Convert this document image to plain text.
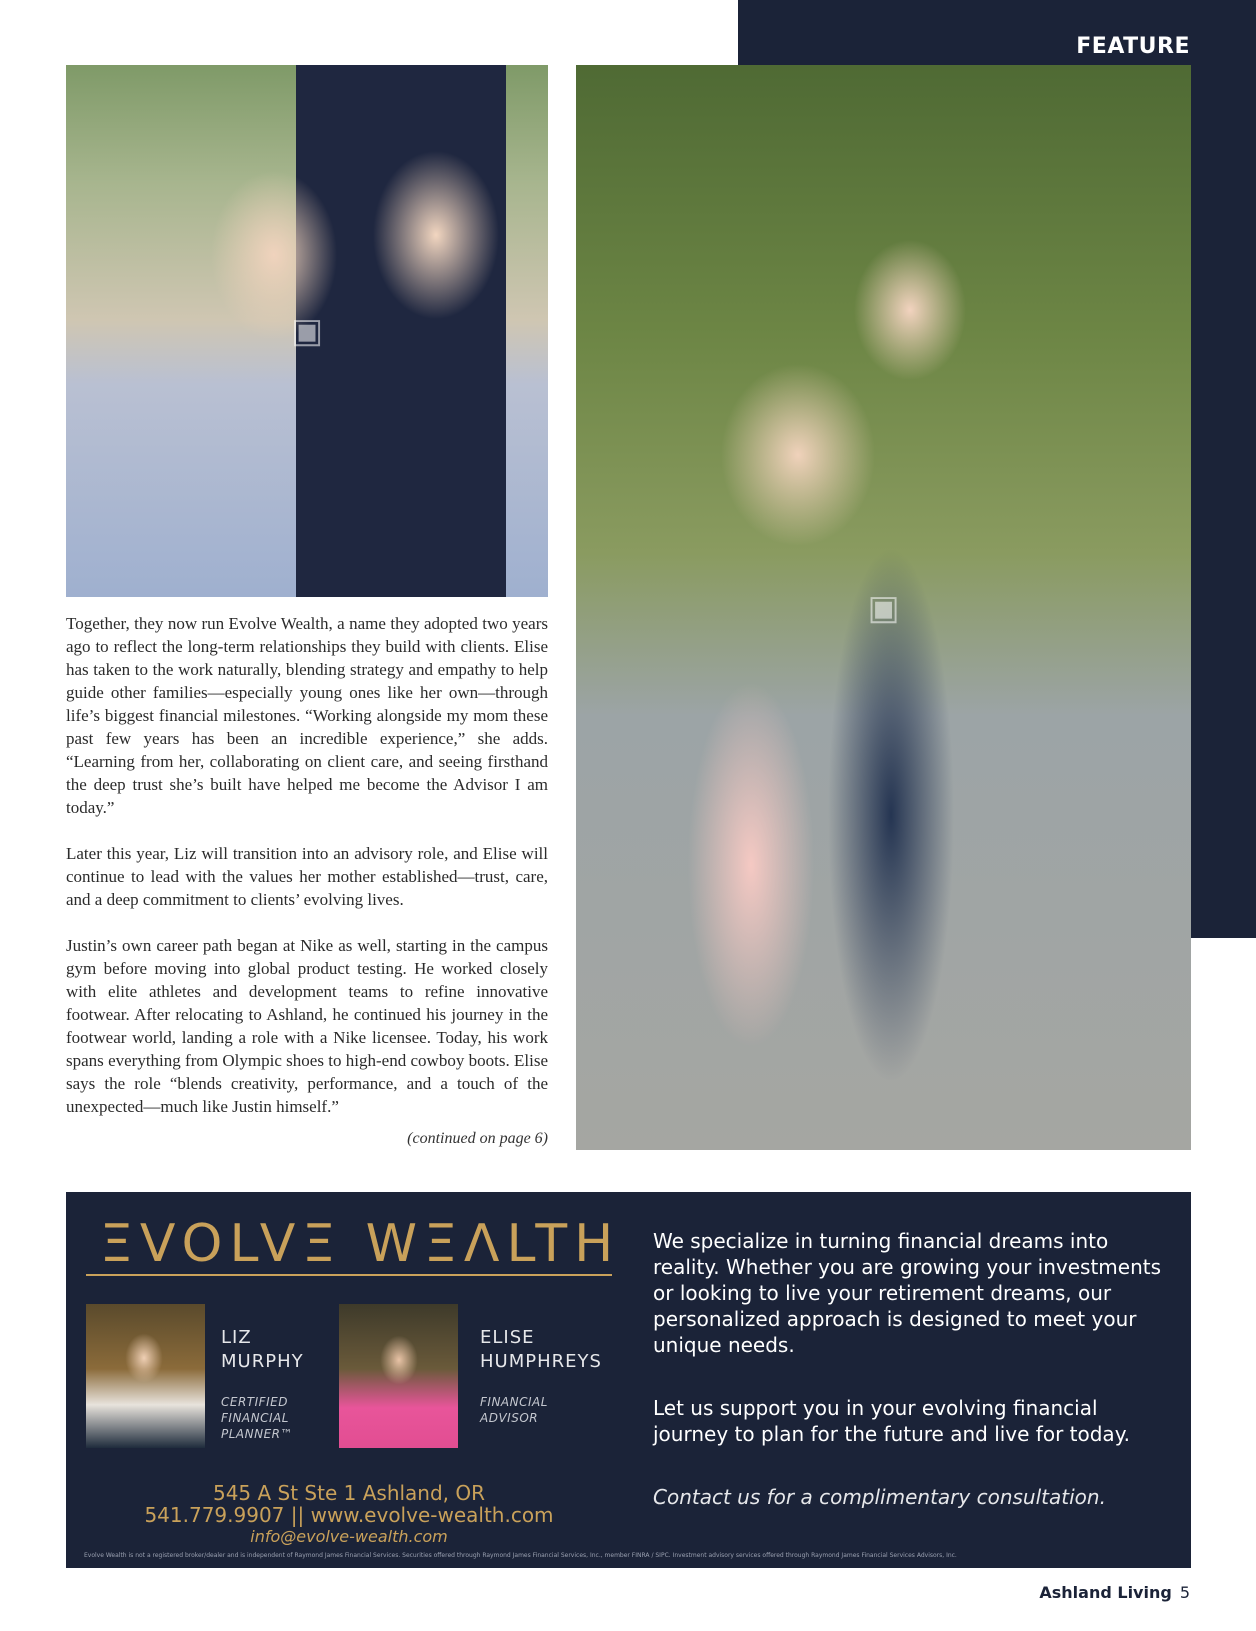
FEATURE
▣
▣

Together, they now run Evolve Wealth, a name they adopted two years ago to reflect the long-term relationships they build with clients. Elise has taken to the work naturally, blending strategy and empathy to help guide other families—especially young ones like her own—through life’s biggest financial milestones. “Working alongside my mom these past few years has been an incredible experience,” she adds. “Learning from her, collaborating on client care, and seeing firsthand the deep trust she’s built have helped me become the Advisor I am today.”

Later this year, Liz will transition into an advisory role, and Elise will continue to lead with the values her mother established—trust, care, and a deep commitment to clients’ evolving lives.

Justin’s own career path began at Nike as well, starting in the campus gym before moving into global product testing. He worked closely with elite athletes and development teams to refine innovative footwear. After relocating to Ashland, he continued his journey in the footwear world, landing a role with a Nike licensee. Today, his work spans everything from Olympic shoes to high-end cowboy boots. Elise says the role “blends creativity, performance, and a touch of the unexpected—much like Justin himself.”

(continued on page 6)
ΞVOLVΞ WΞΛLTH
LIZ
MURPHY
CERTIFIED
FINANCIAL
PLANNER™
ELISE
HUMPHREYS
FINANCIAL
ADVISOR
545 A St Ste 1 Ashland, OR
541.779.9907 || www.evolve-wealth.com
info@evolve-wealth.com
We specialize in turning financial dreams into reality. Whether you are growing your investments or looking to live your retirement dreams, our personalized approach is designed to meet your unique needs.
Let us support you in your evolving financial journey to plan for the future and live for today.
Contact us for a complimentary consultation.
Evolve Wealth is not a registered broker/dealer and is independent of Raymond James Financial Services. Securities offered through Raymond James Financial Services, Inc., member FINRA / SIPC. Investment advisory services offered through Raymond James Financial Services Advisors, Inc.
Ashland Living 5
